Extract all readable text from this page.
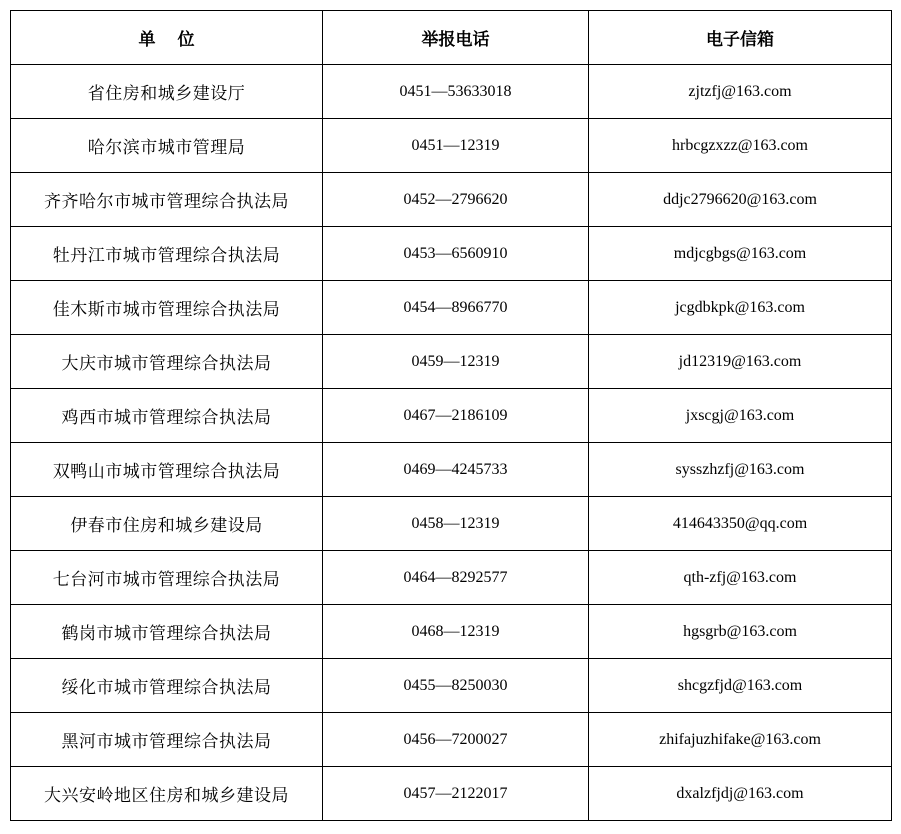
单位	举报电话	电子信箱
省住房和城乡建设厅	0451—53633018	zjtzfj@163.com
哈尔滨市城市管理局	0451—12319	hrbcgzxzz@163.com
齐齐哈尔市城市管理综合执法局	0452—2796620	ddjc2796620@163.com
牡丹江市城市管理综合执法局	0453—6560910	mdjcgbgs@163.com
佳木斯市城市管理综合执法局	0454—8966770	jcgdbkpk@163.com
大庆市城市管理综合执法局	0459—12319	jd12319@163.com
鸡西市城市管理综合执法局	0467—2186109	jxscgj@163.com
双鸭山市城市管理综合执法局	0469—4245733	sysszhzfj@163.com
伊春市住房和城乡建设局	0458—12319	414643350@qq.com
七台河市城市管理综合执法局	0464—8292577	qth-zfj@163.com
鹤岗市城市管理综合执法局	0468—12319	hgsgrb@163.com
绥化市城市管理综合执法局	0455—8250030	shcgzfjd@163.com
黑河市城市管理综合执法局	0456—7200027	zhifajuzhifake@163.com
大兴安岭地区住房和城乡建设局	0457—2122017	dxalzfjdj@163.com
